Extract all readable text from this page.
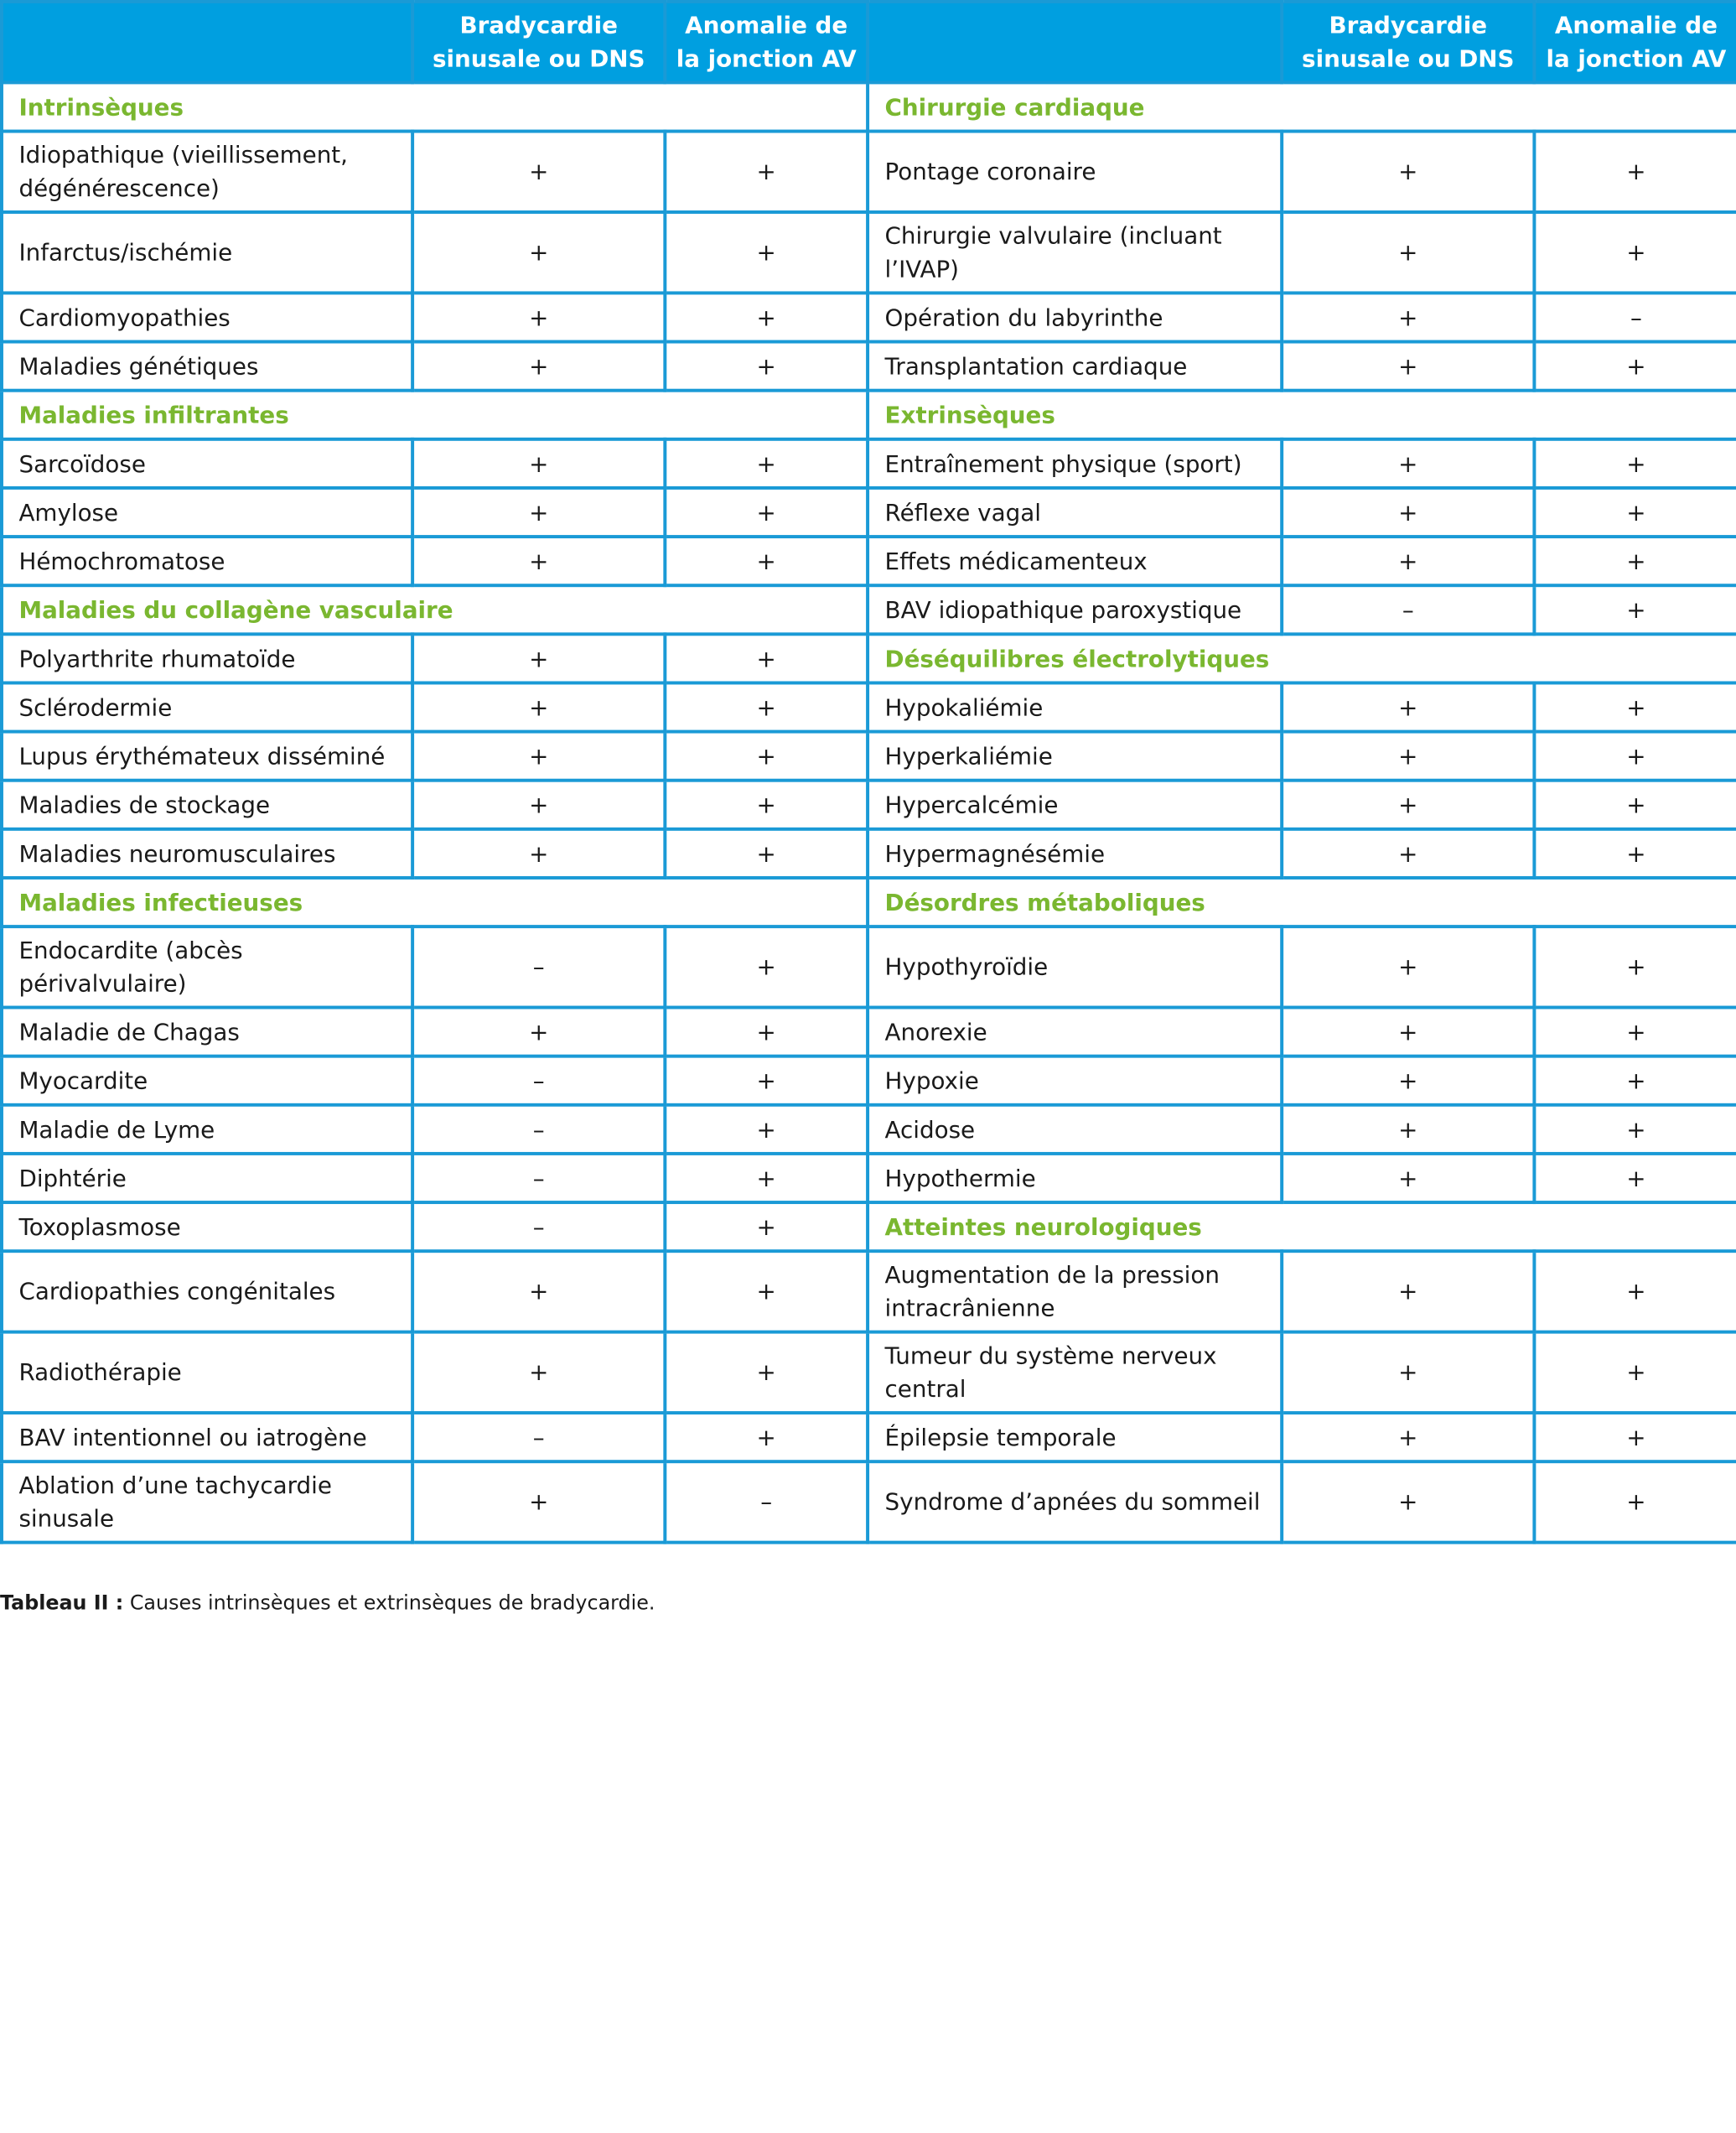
	Bradycardie sinusale ou DNS	Anomalie de la jonction AV		Bradycardie sinusale ou DNS	Anomalie de la jonction AV
Intrinsèques			Chirurgie cardiaque		
Idiopathique (vieillissement, dégénérescence)	+	+	Pontage coronaire	+	+
Infarctus/ischémie	+	+	Chirurgie valvulaire (incluant l’IVAP)	+	+
Cardiomyopathies	+	+	Opération du labyrinthe	+	–
Maladies génétiques	+	+	Transplantation cardiaque	+	+
Maladies infiltrantes			Extrinsèques		
Sarcoïdose	+	+	Entraînement physique (sport)	+	+
Amylose	+	+	Réflexe vagal	+	+
Hémochromatose	+	+	Effets médicamenteux	+	+
Maladies du collagène vasculaire			BAV idiopathique paroxystique	–	+
Polyarthrite rhumatoïde	+	+	Déséquilibres électrolytiques		
Sclérodermie	+	+	Hypokaliémie	+	+
Lupus érythémateux disséminé	+	+	Hyperkaliémie	+	+
Maladies de stockage	+	+	Hypercalcémie	+	+
Maladies neuromusculaires	+	+	Hypermagnésémie	+	+
Maladies infectieuses			Désordres métaboliques		
Endocardite (abcès périvalvulaire)	–	+	Hypothyroïdie	+	+
Maladie de Chagas	+	+	Anorexie	+	+
Myocardite	–	+	Hypoxie	+	+
Maladie de Lyme	–	+	Acidose	+	+
Diphtérie	–	+	Hypothermie	+	+
Toxoplasmose	–	+	Atteintes neurologiques		
Cardiopathies congénitales	+	+	Augmentation de la pression intracrânienne	+	+
Radiothérapie	+	+	Tumeur du système nerveux central	+	+
BAV intentionnel ou iatrogène	–	+	Épilepsie temporale	+	+
Ablation d’une tachycardie sinusale	+	–	Syndrome d’apnées du sommeil	+	+
Tableau II : Causes intrinsèques et extrinsèques de bradycardie.
